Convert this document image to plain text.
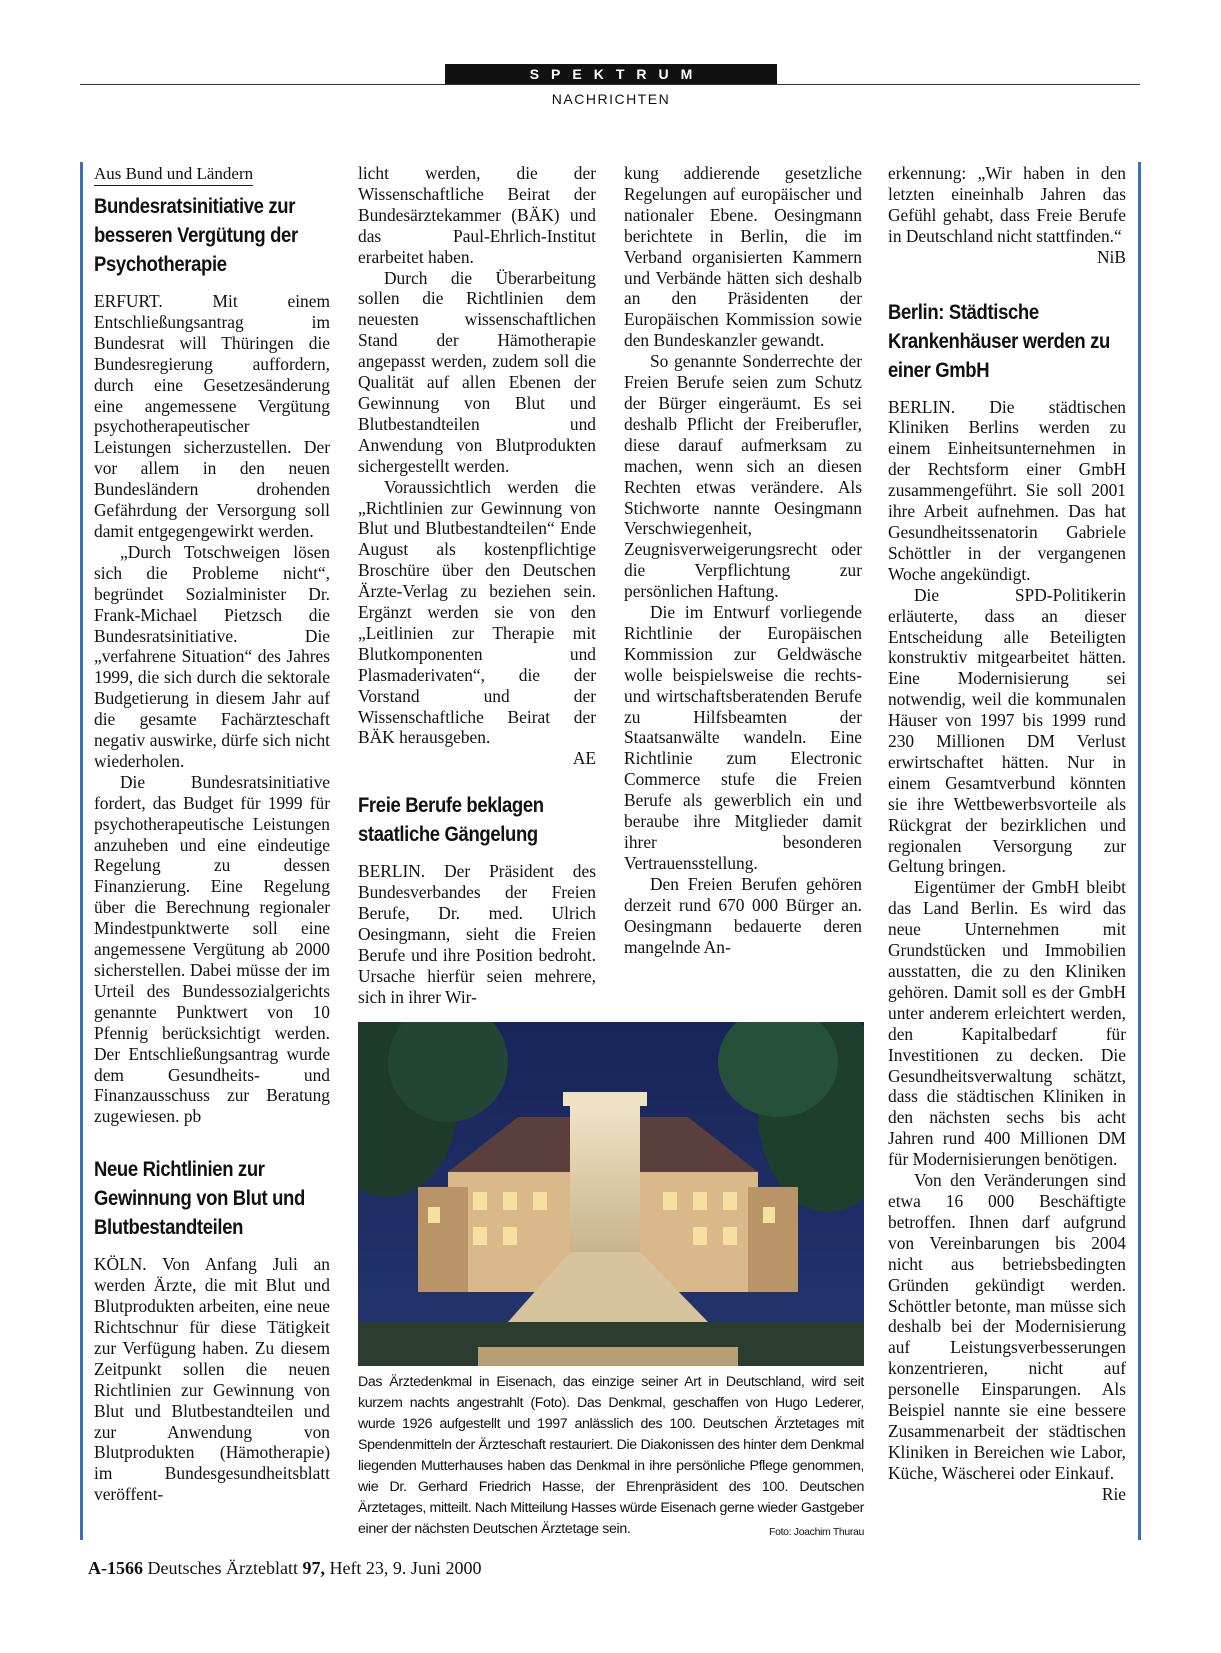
SPEKTRUM
NACHRICHTEN
Aus Bund und Ländern
Bundesratsinitiative zur besseren Vergütung der Psychotherapie

ERFURT. Mit einem Entschließungsantrag im Bundesrat will Thüringen die Bundesregierung auffordern, durch eine Gesetzesänderung eine angemessene Vergütung psychotherapeutischer Leistungen sicherzustellen. Der vor allem in den neuen Bundesländern drohenden Gefährdung der Versorgung soll damit entgegengewirkt werden.

„Durch Totschweigen lösen sich die Probleme nicht“, begründet Sozialminister Dr. Frank-Michael Pietzsch die Bundesratsinitiative. Die „verfahrene Situation“ des Jahres 1999, die sich durch die sektorale Budgetierung in diesem Jahr auf die gesamte Fachärzteschaft negativ auswirke, dürfe sich nicht wiederholen.

Die Bundesratsinitiative fordert, das Budget für 1999 für psychotherapeutische Leistungen anzuheben und eine eindeutige Regelung zu dessen Finanzierung. Eine Regelung über die Berechnung regionaler Mindestpunktwerte soll eine angemessene Vergütung ab 2000 sicherstellen. Dabei müsse der im Urteil des Bundessozialgerichts genannte Punktwert von 10 Pfennig berücksichtigt werden. Der Entschließungsantrag wurde dem Gesundheits- und Finanzausschuss zur Beratung zugewiesen. pb

Neue Richtlinien zur Gewinnung von Blut und Blutbestandteilen

KÖLN. Von Anfang Juli an werden Ärzte, die mit Blut und Blutprodukten arbeiten, eine neue Richtschnur für diese Tätigkeit zur Verfügung haben. Zu diesem Zeitpunkt sollen die neuen Richtlinien zur Gewinnung von Blut und Blutbestandteilen und zur Anwendung von Blutprodukten (Hämotherapie) im Bundesgesundheitsblatt veröffent-

licht werden, die der Wissenschaftliche Beirat der Bundesärztekammer (BÄK) und das Paul-Ehrlich-Institut erarbeitet haben.

Durch die Überarbeitung sollen die Richtlinien dem neuesten wissenschaftlichen Stand der Hämotherapie angepasst werden, zudem soll die Qualität auf allen Ebenen der Gewinnung von Blut und Blutbestandteilen und Anwendung von Blutprodukten sichergestellt werden.

Voraussichtlich werden die „Richtlinien zur Gewinnung von Blut und Blutbestandteilen“ Ende August als kostenpflichtige Broschüre über den Deutschen Ärzte-Verlag zu beziehen sein. Ergänzt werden sie von den „Leitlinien zur Therapie mit Blutkomponenten und Plasmaderivaten“, die der Vorstand und der Wissenschaftliche Beirat der BÄK herausgeben.

AE

Freie Berufe beklagen staatliche Gängelung

BERLIN. Der Präsident des Bundesverbandes der Freien Berufe, Dr. med. Ulrich Oesingmann, sieht die Freien Berufe und ihre Position bedroht. Ursache hierfür seien mehrere, sich in ihrer Wir-

kung addierende gesetzliche Regelungen auf europäischer und nationaler Ebene. Oesingmann berichtete in Berlin, die im Verband organisierten Kammern und Verbände hätten sich deshalb an den Präsidenten der Europäischen Kommission sowie den Bundeskanzler gewandt.

So genannte Sonderrechte der Freien Berufe seien zum Schutz der Bürger eingeräumt. Es sei deshalb Pflicht der Freiberufler, diese darauf aufmerksam zu machen, wenn sich an diesen Rechten etwas verändere. Als Stichworte nannte Oesingmann Verschwiegenheit, Zeugnisverweigerungsrecht oder die Verpflichtung zur persönlichen Haftung.

Die im Entwurf vorliegende Richtlinie der Europäischen Kommission zur Geldwäsche wolle beispielsweise die rechts- und wirtschaftsberatenden Berufe zu Hilfsbeamten der Staatsanwälte wandeln. Eine Richtlinie zum Electronic Commerce stufe die Freien Berufe als gewerblich ein und beraube ihre Mitglieder damit ihrer besonderen Vertrauensstellung.

Den Freien Berufen gehören derzeit rund 670 000 Bürger an. Oesingmann bedauerte deren mangelnde An-

erkennung: „Wir haben in den letzten eineinhalb Jahren das Gefühl gehabt, dass Freie Berufe in Deutschland nicht stattfinden.“

NiB

Berlin: Städtische Krankenhäuser werden zu einer GmbH

BERLIN. Die städtischen Kliniken Berlins werden zu einem Einheitsunternehmen in der Rechtsform einer GmbH zusammengeführt. Sie soll 2001 ihre Arbeit aufnehmen. Das hat Gesundheitssenatorin Gabriele Schöttler in der vergangenen Woche angekündigt.

Die SPD-Politikerin erläuterte, dass an dieser Entscheidung alle Beteiligten konstruktiv mitgearbeitet hätten. Eine Modernisierung sei notwendig, weil die kommunalen Häuser von 1997 bis 1999 rund 230 Millionen DM Verlust erwirtschaftet hätten. Nur in einem Gesamtverbund könnten sie ihre Wettbewerbsvorteile als Rückgrat der bezirklichen und regionalen Versorgung zur Geltung bringen.

Eigentümer der GmbH bleibt das Land Berlin. Es wird das neue Unternehmen mit Grundstücken und Immobilien ausstatten, die zu den Kliniken gehören. Damit soll es der GmbH unter anderem erleichtert werden, den Kapitalbedarf für Investitionen zu decken. Die Gesundheitsverwaltung schätzt, dass die städtischen Kliniken in den nächsten sechs bis acht Jahren rund 400 Millionen DM für Modernisierungen benötigen.

Von den Veränderungen sind etwa 16 000 Beschäftigte betroffen. Ihnen darf aufgrund von Vereinbarungen bis 2004 nicht aus betriebsbedingten Gründen gekündigt werden. Schöttler betonte, man müsse sich deshalb bei der Modernisierung auf Leistungsverbesserungen konzentrieren, nicht auf personelle Einsparungen. Als Beispiel nannte sie eine bessere Zusammenarbeit der städtischen Kliniken in Bereichen wie Labor, Küche, Wäscherei oder Einkauf.

Rie

Das Ärztedenkmal in Eisenach, das einzige seiner Art in Deutschland, wird seit kurzem nachts angestrahlt (Foto). Das Denkmal, geschaffen von Hugo Lederer, wurde 1926 aufgestellt und 1997 anlässlich des 100. Deutschen Ärztetages mit Spendenmitteln der Ärzteschaft restauriert. Die Diakonissen des hinter dem Denkmal liegenden Mutterhauses haben das Denkmal in ihre persönliche Pflege genommen, wie Dr. Gerhard Friedrich Hasse, der Ehrenpräsident des 100. Deutschen Ärztetages, mitteilt. Nach Mitteilung Hasses würde Eisenach gerne wieder Gastgeber einer der nächsten Deutschen Ärztetage sein.	Foto: Joachim Thurau
A-1566 Deutsches Ärzteblatt 97, Heft 23, 9. Juni 2000
